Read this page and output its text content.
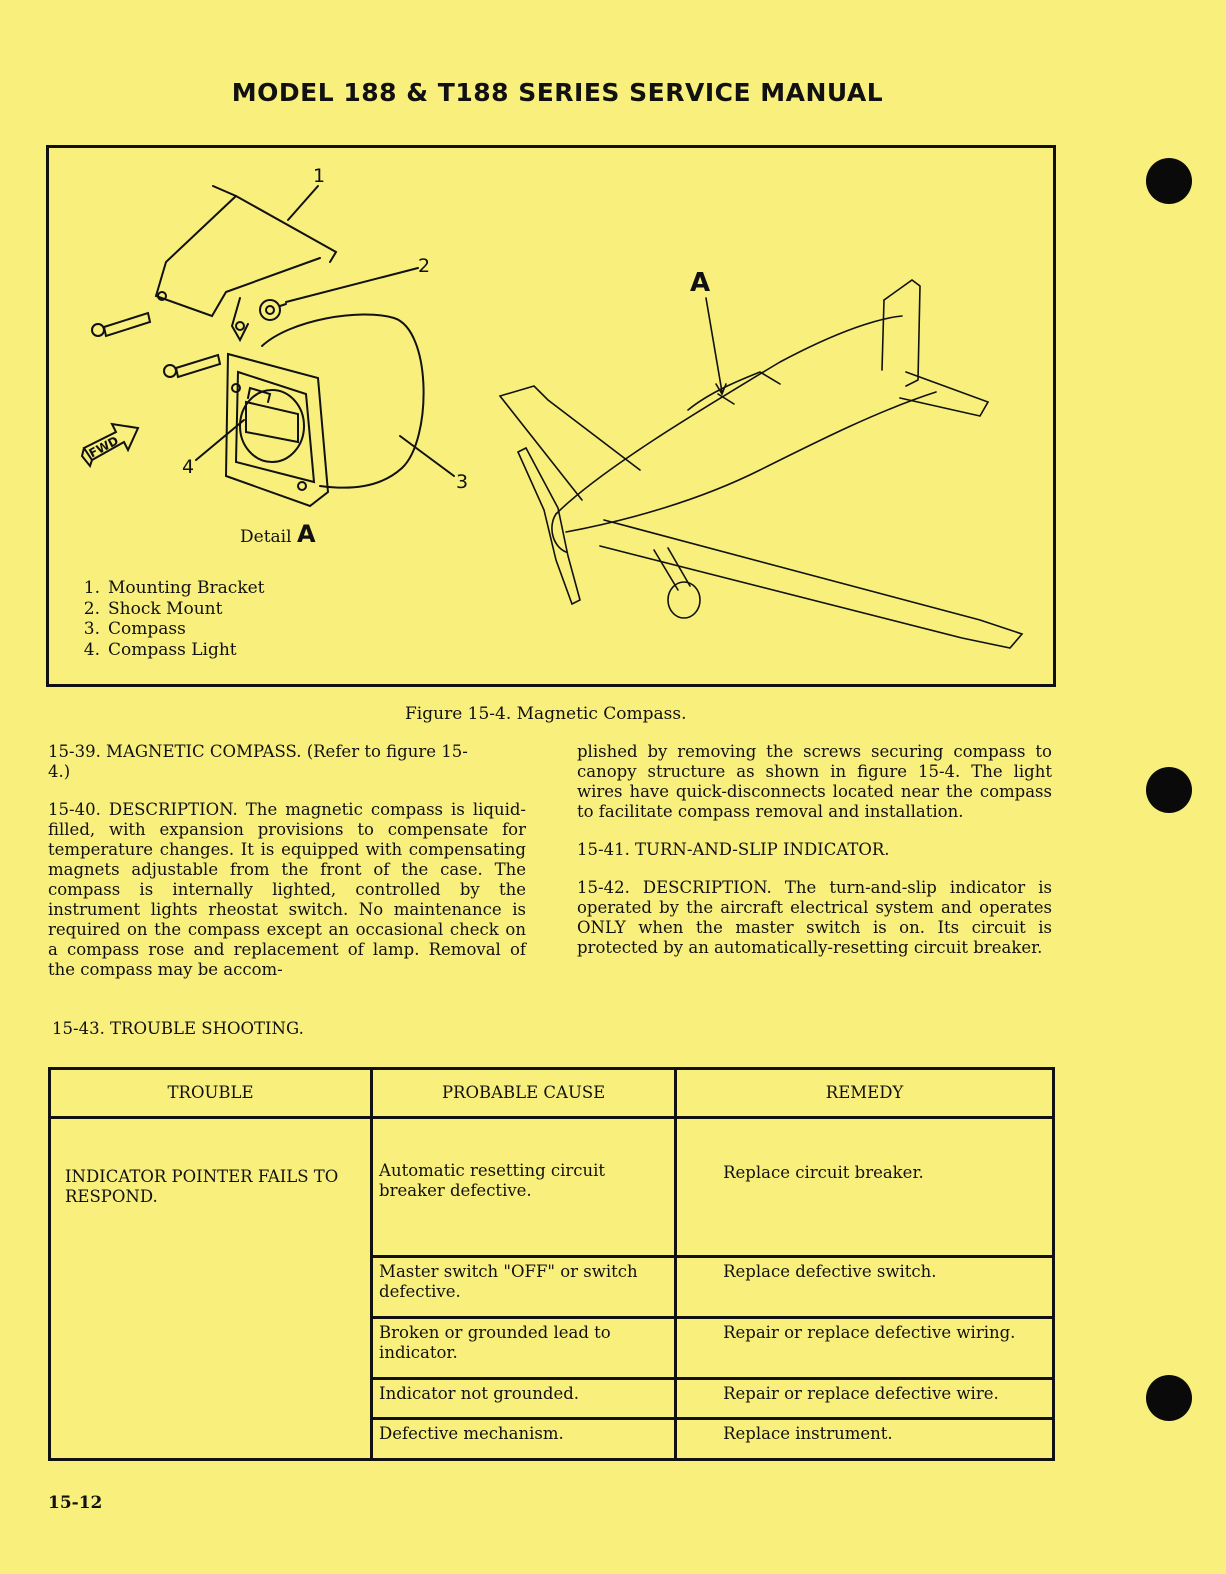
MODEL 188 & T188 SERIES SERVICE MANUAL
1
2
3
4
A
FWD
Detail A
1. Mounting Bracket
2. Shock Mount
3. Compass
4. Compass Light
Figure 15-4. Magnetic Compass.

15-39. MAGNETIC COMPASS. (Refer to figure 15-4.)

15-40. DESCRIPTION. The magnetic compass is liquid-filled, with expansion provisions to compensate for temperature changes. It is equipped with compensating magnets adjustable from the front of the case. The compass is internally lighted, controlled by the instrument lights rheostat switch. No maintenance is required on the compass except an occasional check on a compass rose and replacement of lamp. Removal of the compass may be accom-

plished by removing the screws securing compass to canopy structure as shown in figure 15-4. The light wires have quick-disconnects located near the compass to facilitate compass removal and installation.

15-41. TURN-AND-SLIP INDICATOR.

15-42. DESCRIPTION. The turn-and-slip indicator is operated by the aircraft electrical system and operates ONLY when the master switch is on. Its circuit is protected by an automatically-resetting circuit breaker.

15-43. TROUBLE SHOOTING.
TROUBLE	PROBABLE CAUSE	REMEDY
INDICATOR POINTER FAILS TO RESPOND.	Automatic resetting circuit breaker defective.	Replace circuit breaker.
	Master switch "OFF" or switch defective.	Replace defective switch.
	Broken or grounded lead to indicator.	Repair or replace defective wiring.
	Indicator not grounded.	Repair or replace defective wire.
	Defective mechanism.	Replace instrument.
15-12
